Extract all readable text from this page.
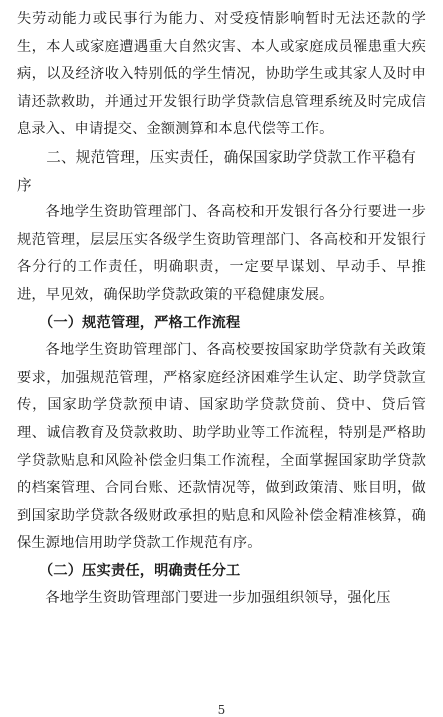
失劳动能力或民事行为能力、对受疫情影响暂时无法还款的学生，本人或家庭遭遇重大自然灾害、本人或家庭成员罹患重大疾病，以及经济收入特别低的学生情况，协助学生或其家人及时申请还款救助，并通过开发银行助学贷款信息管理系统及时完成信息录入、申请提交、金额测算和本息代偿等工作。

二、规范管理，压实责任，确保国家助学贷款工作平稳有序

各地学生资助管理部门、各高校和开发银行各分行要进一步规范管理，层层压实各级学生资助管理部门、各高校和开发银行各分行的工作责任，明确职责，一定要早谋划、早动手、早推进，早见效，确保助学贷款政策的平稳健康发展。

（一）规范管理，严格工作流程

各地学生资助管理部门、各高校要按国家助学贷款有关政策要求，加强规范管理，严格家庭经济困难学生认定、助学贷款宣传，国家助学贷款预申请、国家助学贷款贷前、贷中、贷后管理、诚信教育及贷款救助、助学助业等工作流程，特别是严格助学贷款贴息和风险补偿金归集工作流程，全面掌握国家助学贷款的档案管理、合同台账、还款情况等，做到政策清、账目明，做到国家助学贷款各级财政承担的贴息和风险补偿金精准核算，确保生源地信用助学贷款工作规范有序。

（二）压实责任，明确责任分工

各地学生资助管理部门要进一步加强组织领导，强化压

5
